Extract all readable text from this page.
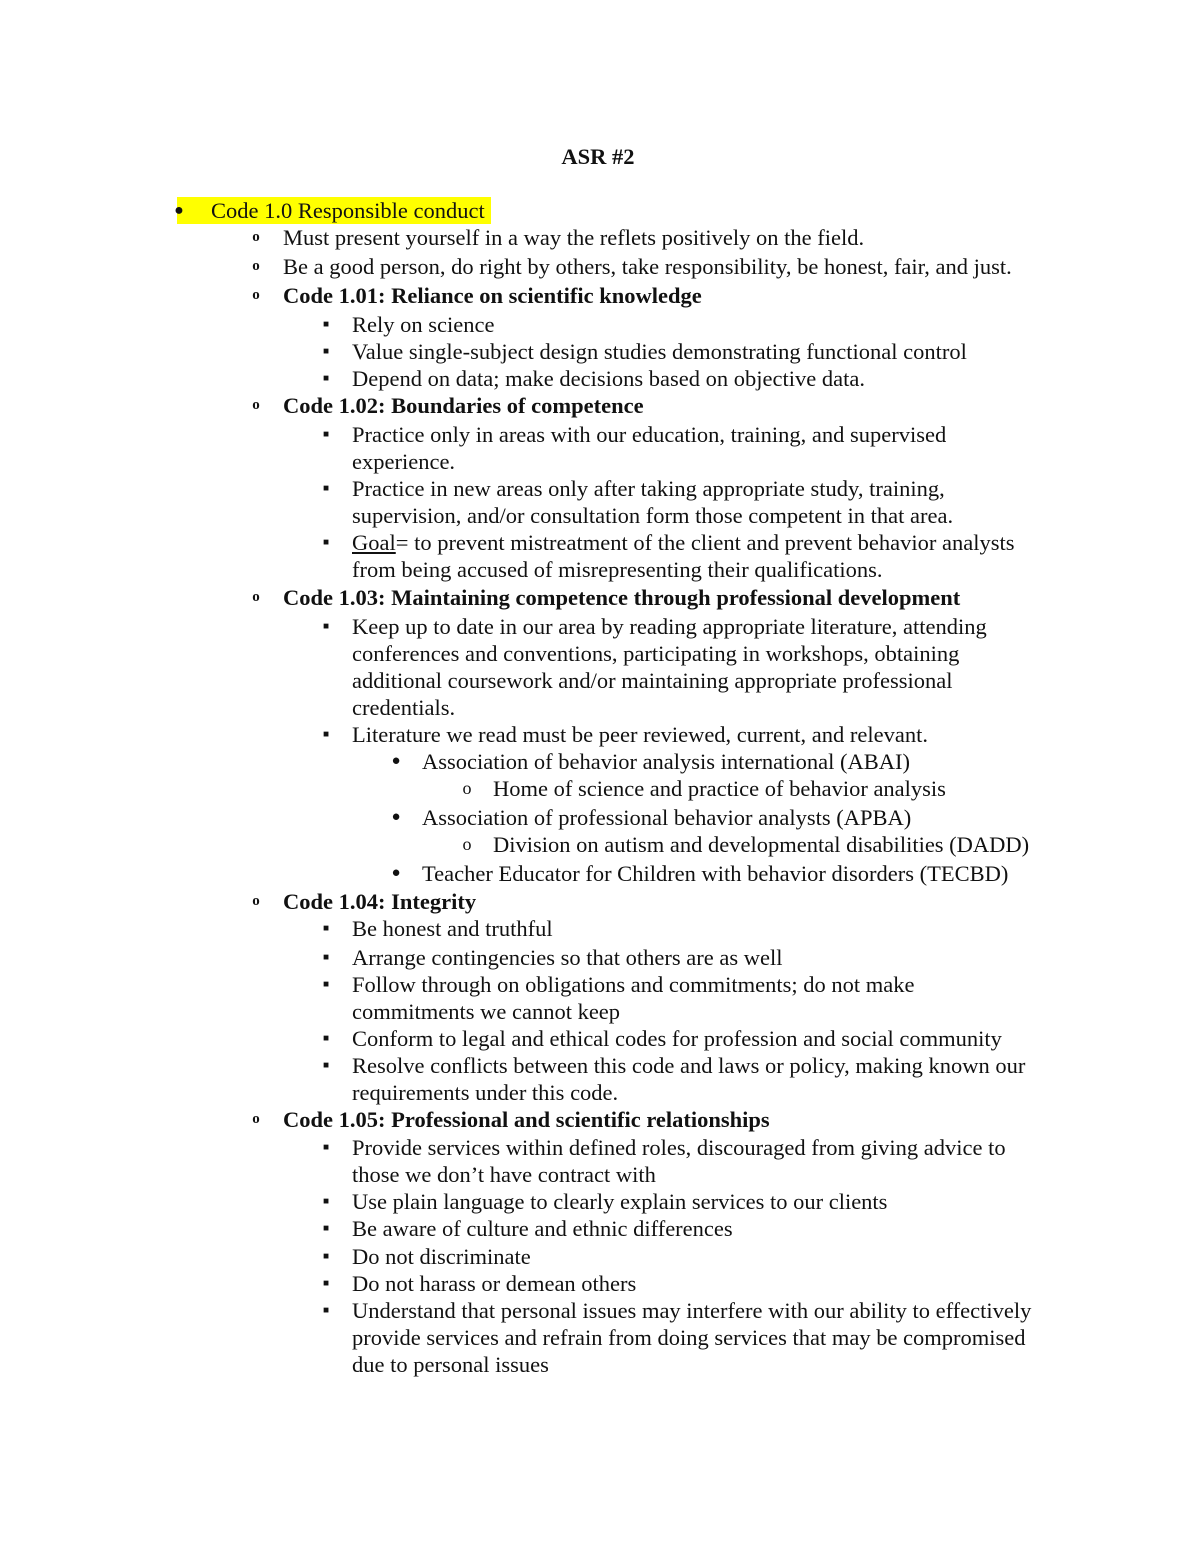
ASR #2
● Code 1.0 Responsible conduct
o Must present yourself in a way the reflets positively on the field.
o Be a good person, do right by others, take responsibility, be honest, fair, and just.
o Code 1.01: Reliance on scientific knowledge
■ Rely on science
■ Value single-subject design studies demonstrating functional control
■ Depend on data; make decisions based on objective data.
o Code 1.02: Boundaries of competence
■ Practice only in areas with our education, training, and supervised experience.
■ Practice in new areas only after taking appropriate study, training, supervision, and/or consultation form those competent in that area.
■ Goal= to prevent mistreatment of the client and prevent behavior analysts from being accused of misrepresenting their qualifications.
o Code 1.03: Maintaining competence through professional development
■ Keep up to date in our area by reading appropriate literature, attending conferences and conventions, participating in workshops, obtaining additional coursework and/or maintaining appropriate professional credentials.
■ Literature we read must be peer reviewed, current, and relevant.
● Association of behavior analysis international (ABAI)
o Home of science and practice of behavior analysis
● Association of professional behavior analysts (APBA)
o Division on autism and developmental disabilities (DADD)
● Teacher Educator for Children with behavior disorders (TECBD)
o Code 1.04: Integrity
■ Be honest and truthful
■ Arrange contingencies so that others are as well
■ Follow through on obligations and commitments; do not make commitments we cannot keep
■ Conform to legal and ethical codes for profession and social community
■ Resolve conflicts between this code and laws or policy, making known our requirements under this code.
o Code 1.05: Professional and scientific relationships
■ Provide services within defined roles, discouraged from giving advice to those we don’t have contract with
■ Use plain language to clearly explain services to our clients
■ Be aware of culture and ethnic differences
■ Do not discriminate
■ Do not harass or demean others
■ Understand that personal issues may interfere with our ability to effectively provide services and refrain from doing services that may be compromised due to personal issues
